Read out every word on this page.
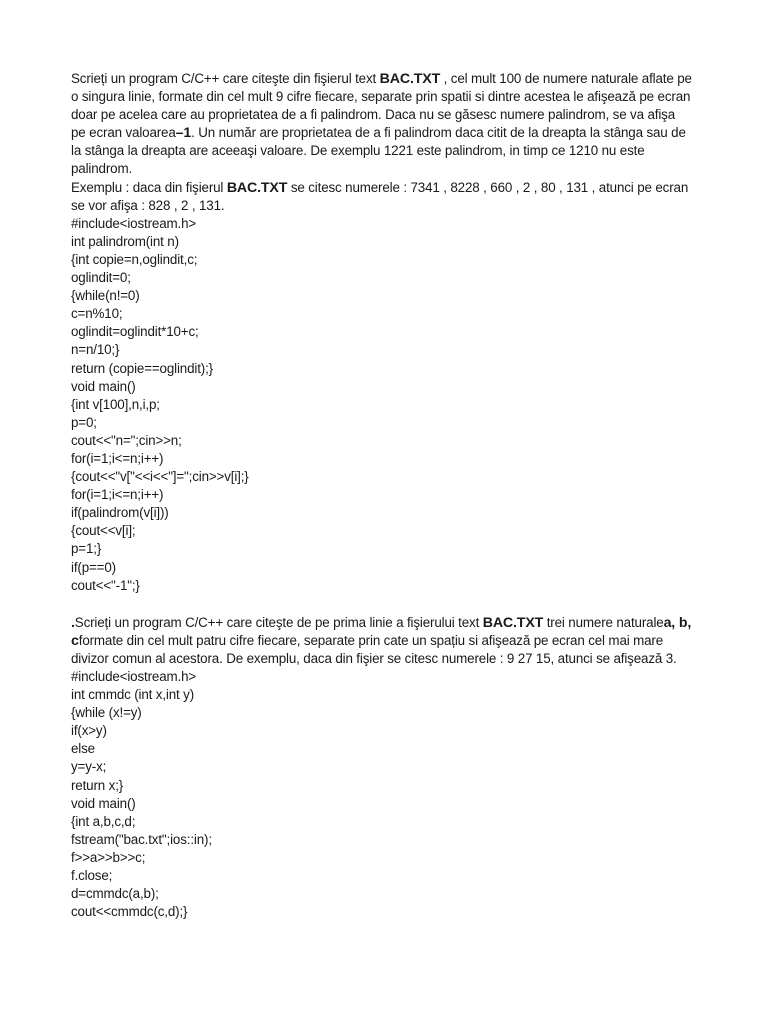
Scrieți un program C/C++ care citeşte din fişierul text BAC.TXT , cel mult 100 de numere naturale aflate pe o singura linie, formate din cel mult 9 cifre fiecare, separate prin spatii si dintre acestea le afişează pe ecran doar pe acelea care au proprietatea de a fi palindrom. Daca nu se găsesc numere palindrom, se va afişa pe ecran valoarea–1. Un număr are proprietatea de a fi palindrom daca citit de la dreapta la stânga sau de la stânga la dreapta are aceeaşi valoare. De exemplu 1221 este palindrom, in timp ce 1210 nu este palindrom.

Exemplu : daca din fişierul BAC.TXT se citesc numerele : 7341 , 8228 , 660 , 2 , 80 , 131 , atunci pe ecran se vor afişa : 828 , 2 , 131.

#include<iostream.h>

int palindrom(int n)

{int copie=n,oglindit,c;

oglindit=0;

{while(n!=0)

c=n%10;

oglindit=oglindit*10+c;

n=n/10;}

return (copie==oglindit);}

void main()

{int v[100],n,i,p;

p=0;

cout<<"n=";cin>>n;

for(i=1;i<=n;i++)

{cout<<"v["<<i<<"]=";cin>>v[i];}

for(i=1;i<=n;i++)

if(palindrom(v[i]))

{cout<<v[i];

p=1;}

if(p==0)

cout<<"-1";}

.Scrieți un program C/C++ care citeşte de pe prima linie a fişierului text BAC.TXT trei numere naturalea, b, cformate din cel mult patru cifre fiecare, separate prin cate un spațiu si afişează pe ecran cel mai mare divizor comun al acestora. De exemplu, daca din fişier se citesc numerele : 9 27 15, atunci se afişează 3.

#include<iostream.h>

int cmmdc (int x,int y)

{while (x!=y)

if(x>y)

else

y=y-x;

return x;}

void main()

{int a,b,c,d;

fstream("bac.txt";ios::in);

f>>a>>b>>c;

f.close;

d=cmmdc(a,b);

cout<<cmmdc(c,d);}
